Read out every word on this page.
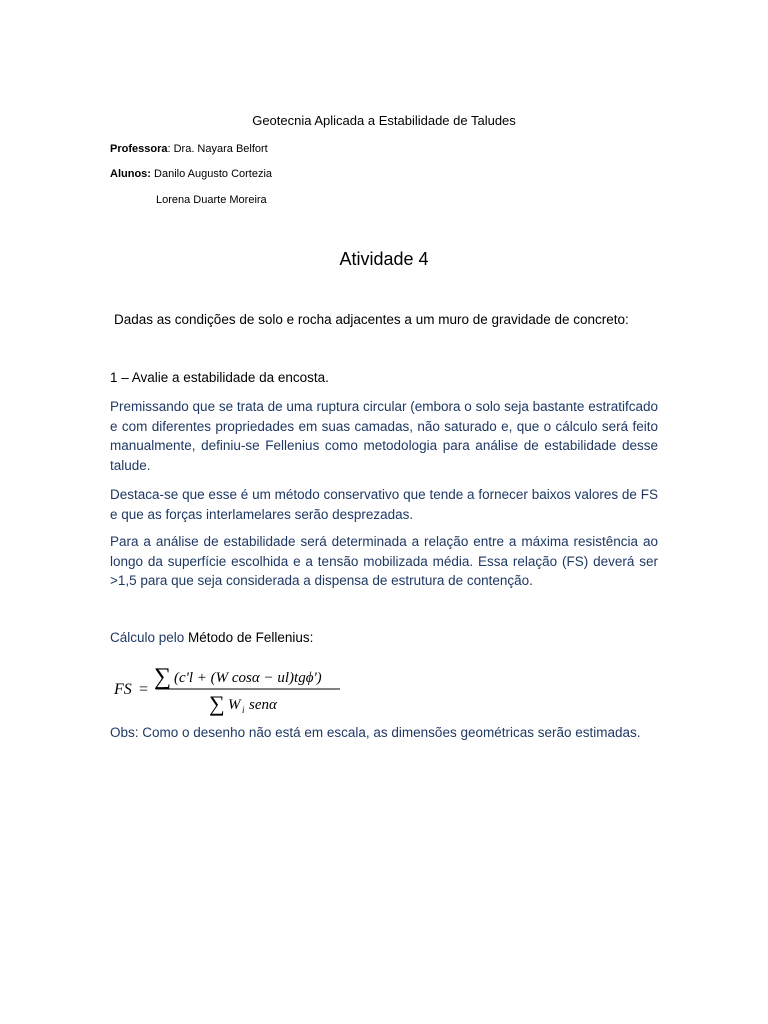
Geotecnia Aplicada a Estabilidade de Taludes
Professora: Dra. Nayara Belfort
Alunos: Danilo Augusto Cortezia
Lorena Duarte Moreira
Atividade 4
Dadas as condições de solo e rocha adjacentes a um muro de gravidade de concreto:
1 – Avalie a estabilidade da encosta.
Premissando que se trata de uma ruptura circular (embora o solo seja bastante estratifcado e com diferentes propriedades em suas camadas, não saturado e, que o cálculo será feito manualmente, definiu-se Fellenius como metodologia para análise de estabilidade desse talude.
Destaca-se que esse é um método conservativo que tende a fornecer baixos valores de FS e que as forças interlamelares serão desprezadas.
Para a análise de estabilidade será determinada a relação entre a máxima resistência ao longo da superfície escolhida e a tensão mobilizada média. Essa relação (FS) deverá ser >1,5 para que seja considerada a dispensa de estrutura de contenção.
Cálculo pelo Método de Fellenius:
FS = ∑ (c'l + (W cosα − ul)tgϕ')
∑ W i senα
Obs: Como o desenho não está em escala, as dimensões geométricas serão estimadas.
